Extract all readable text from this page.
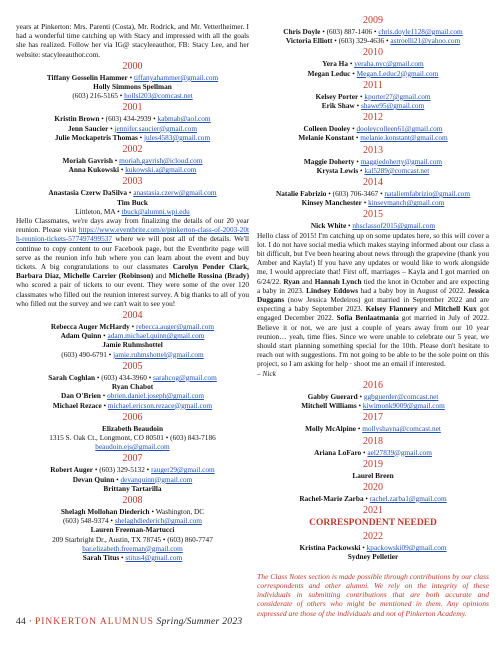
years at Pinkerton: Mrs. Parenti (Costa), Mr. Rodrick, and Mr. Vetterlheimer. I had a wonderful time catching up with Stacy and impressed with all the goals she has realized. Follow her via IG@ stacyleeauthor, FB: Stacy Lee, and her website: stacyleeauthor.com.

2000
Tiffany Gosselin Hammer • tiffanyahammer@gmail.com
Holly Simmons Spellman
(603) 216-5165 • hollsl203@comcast.net
2001
Kristin Brown • (603) 434-2939 • kabmab@aol.com
Jenn Saucier • jennifer.saucier@gmail.com
Julie Mockapetris Thomas • jules4583@gmail.com
2002
Moriah Gavrish • moriah.gavrish@icloud.com
Anna Kukowski • kukowski.a@gmail.com
2003
Anastasia Czerw DaSilva • anastasia.czerw@gmail.com
Tim Buck
Littleton, MA • tbuck@alumni.wpi.edu

Hello Classmates, we're days away from finalizing the details of our 20 year reunion. Please visit https://www.eventbrite.com/e/pinkerton-class-of-2003-20th-reunion-tickets-577497499537 where we will post all of the details. We'll continue to copy content to our Facebook page, but the Eventbrite page will serve as the reunion info hub where you can learn about the event and buy tickets. A big congratulations to our classmates Carolyn Pender Clark, Barbara Diaz, Michelle Carrier (Robinson) and Michelle Rossina (Brady) who scored a pair of tickets to our event. They were some of the over 120 classmates who filled out the reunion interest survey. A big thanks to all of you who filled out the survey and we can't wait to see you!

2004
Rebecca Auger McHardy • rebecca.auger@gmail.com
Adam Quinn • adam.michael.quinn@gmail.com
Jamie Ruhmshottel
(603) 490-6791 • jamie.ruhmshottel@gmail.com
2005
Sarah Coghlan • (603) 434-3960 • sarahcog@gmail.com
Ryan Chabot
Dan O'Brien • obrien.daniel.joseph@gmail.com
Michael Rezace • michael.ericson.rezace@gmail.com
2006
Elizabeth Beaudoin
1315 S. Oak Ct., Longmont, CO 80501 • (603) 843-7186
beaudoin.ejs@gmail.com
2007
Robert Auger • (603) 329-5132 • rauger29@gmail.com
Devan Quinn • devanquinn@gmail.com
Brittany Tartarilla
2008
Shelagh Mollohan Diederich • Washington, DC
(603) 548-9374 • shelaghdiederich@gmail.com
Lauren Freeman-Martucci
209 Starbright Dr., Austin, TX 78745 • (603) 860-7747
bar.elizabeth.freeman@gmail.com
Sarah Titus • stitus4@gmail.com
2009
Chris Doyle • (603) 887-1406 • chris.doyle1128@gmail.com
Victoria Elliott • (603) 329-4636 • astroelli21@yahoo.com
2010
Yera Ha • yeraha.nyc@gmail.com
Megan Leduc • Megan.Leduc2@gmail.com
2011
Kelsey Porter • kporter27@gmail.com
Erik Shaw • shawe95@gmail.com
2012
Colleen Dooley • dooleycolleen61@gmail.com
Melanie Konstant • melanie.konstant@gmail.com
2013
Maggie Doherty • maggiedoherty@gmail.com
Krysta Lewis • kal5289@comcast.net
2014
Natalie Fabrizio • (603) 706-3467 • nataliemfabrizio@gmail.com
Kinsey Manchester • kinseymanch@gmail.com
2015
Nick White • nhsclassof2015@gmail.com

Hello class of 2015! I'm catching up on some updates here, so this will cover a lot. I do not have social media which makes staying informed about our class a bit difficult, but I've been hearing about news through the grapevine (thank you Amber and Kayla!) If you have any updates or would like to work alongside me, I would appreciate that! First off, marriages – Kayla and I got married on 6/24/22. Ryan and Hannah Lynch tied the knot in October and are expecting a baby in 2023. Lindsey Eddows had a baby boy in August of 2022. Jessica Duggans (now Jessica Medeiros) got married in September 2022 and are expecting a baby September 2023. Kelsey Flannery and Mitchell Kux got engaged December 2022. Sofia Benlaatmania got married in July of 2022. Believe it or not, we are just a couple of years away from our 10 year reunion… yeah, time flies. Since we were unable to celebrate our 5 year, we should start planning something special for the 10th. Please don't hesitate to reach out with suggestions. I'm not going to be able to be the sole point on this project, so I am asking for help · shoot me an email if interested.
– Nick

2016
Gabby Guerard • ggbguerder@comcast.net
Mitchell Williams • kiwimonk9009@gmail.com
2017
Molly McAlpine • mollyshayna@comcast.net
2018
Ariana LoFaro • ael27839@gmail.com
2019
Laurel Breen
2020
Rachel-Marie Zarba • rachel.zarba1@gmail.com
2021
CORRESPONDENT NEEDED
2022
Kristina Packowski • kpackowski09@gmail.com
Sydney Pelletier

The Class Notes section is made possible through contributions by our class correspondents and other alumni. We rely on the integrity of these individuals in submitting contributions that are both accurate and considerate of others who might be mentioned in them. Any opinions expressed are those of the individuals and not of Pinkerton Academy.

44 · PINKERTON ALUMNUS Spring/Summer 2023
